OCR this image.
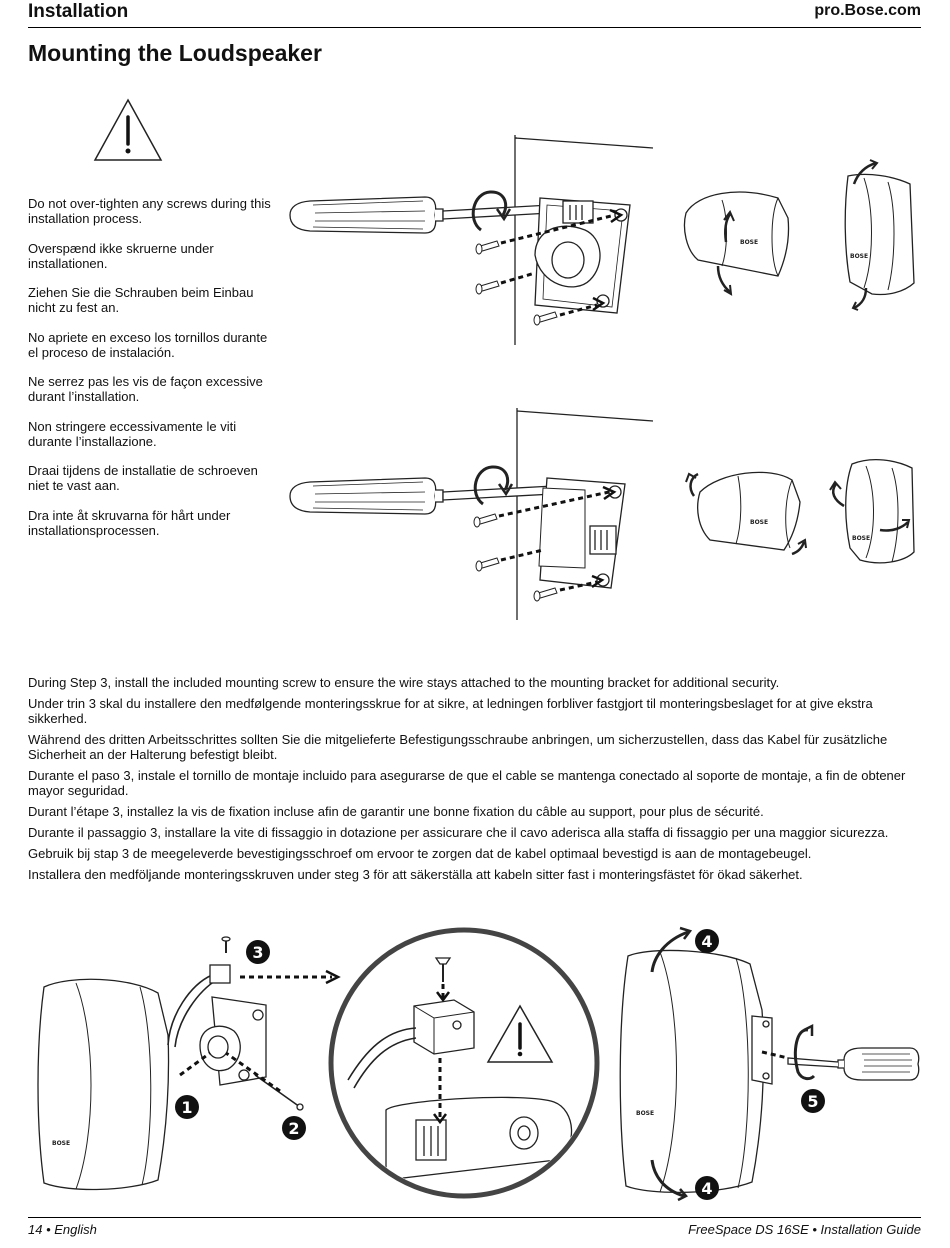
Installation	pro.Bose.com
Mounting the Loudspeaker
Do not over-tighten any screws during this installation process.
Overspænd ikke skruerne under installationen.
Ziehen Sie die Schrauben beim Einbau nicht zu fest an.
No apriete en exceso los tornillos durante el proceso de instalación.
Ne serrez pas les vis de façon excessive durant l’installation.
Non stringere eccessivamente le viti durante l’installazione.
Draai tijdens de installatie de schroeven niet te vast aan.
Dra inte åt skruvarna för hårt under installationsprocessen.
BOSE
BOSE
BOSE
BOSE
During Step 3, install the included mounting screw to ensure the wire stays attached to the mounting bracket for additional security.
Under trin 3 skal du installere den medfølgende monteringsskrue for at sikre, at ledningen forbliver fastgjort til monteringsbeslaget for at give ekstra sikkerhed.
Während des dritten Arbeitsschrittes sollten Sie die mitgelieferte Befestigungsschraube anbringen, um sicherzustellen, dass das Kabel für zusätzliche Sicherheit an der Halterung befestigt bleibt.
Durante el paso 3, instale el tornillo de montaje incluido para asegurarse de que el cable se mantenga conectado al soporte de montaje, a fin de obtener mayor seguridad.
Durant l’étape 3, installez la vis de fixation incluse afin de garantir une bonne fixation du câble au support, pour plus de sécurité.
Durante il passaggio 3, installare la vite di fissaggio in dotazione per assicurare che il cavo aderisca alla staffa di fissaggio per una maggior sicurezza.
Gebruik bij stap 3 de meegeleverde bevestigingsschroef om ervoor te zorgen dat de kabel optimaal bevestigd is aan de montagebeugel.
Installera den medföljande monteringsskruven under steg 3 för att säkerställa att kabeln sitter fast i monteringsfästet för ökad säkerhet.
BOSE
3
1
2
BOSE
4
4
5
14 • English	FreeSpace DS 16SE • Installation Guide
